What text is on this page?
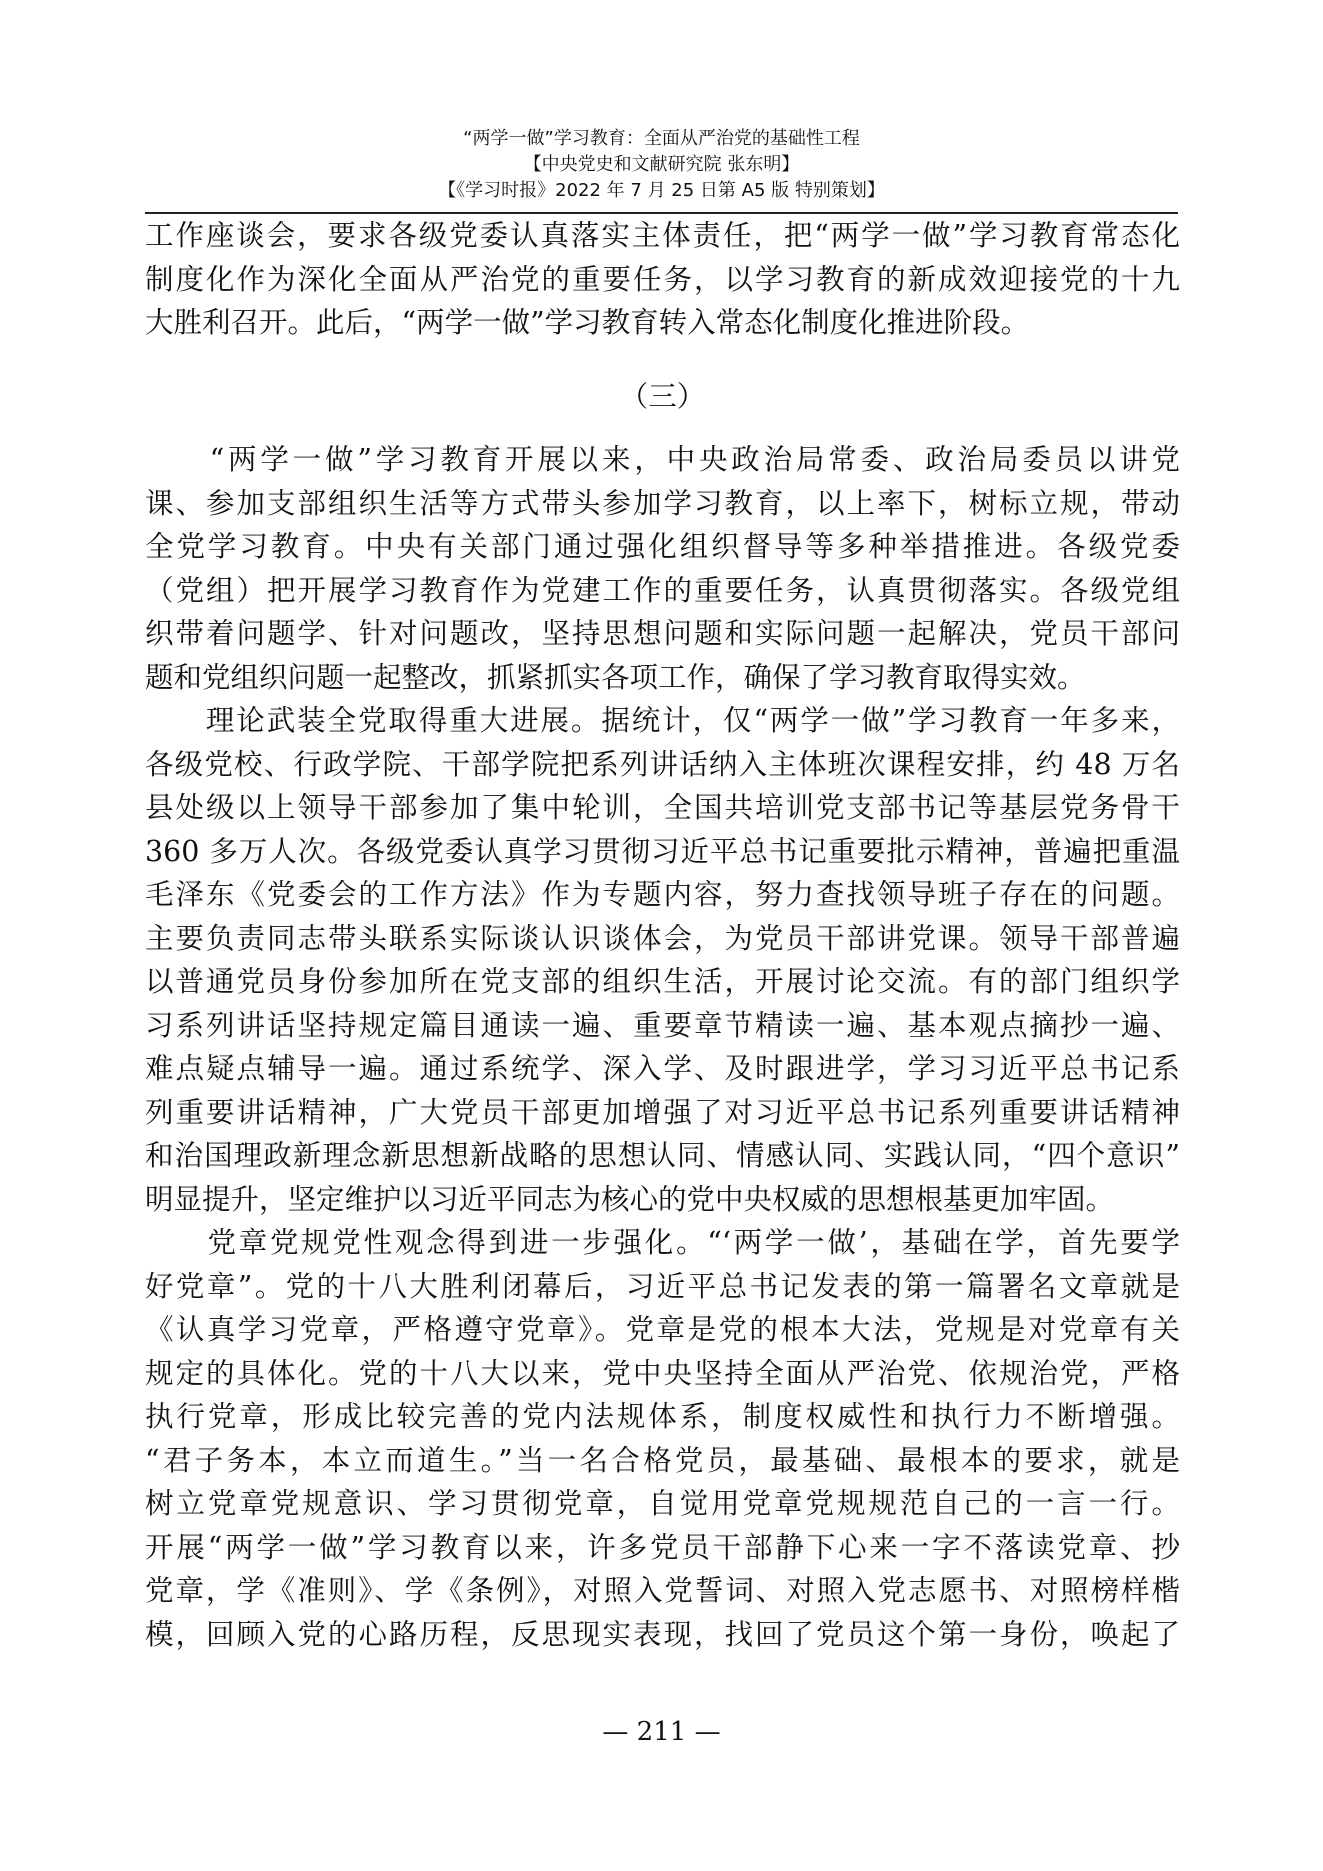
“两学一做”学习教育：全面从严治党的基础性工程
【中央党史和文献研究院 张东明】
【《学习时报》2022 年 7 月 25 日第 A5 版 特别策划】
工作座谈会，要求各级党委认真落实主体责任，把“两学一做”学习教育常态化
制度化作为深化全面从严治党的重要任务，以学习教育的新成效迎接党的十九
大胜利召开。此后，“两学一做”学习教育转入常态化制度化推进阶段。
（三）
　　“两学一做”学习教育开展以来，中央政治局常委、政治局委员以讲党
课、参加支部组织生活等方式带头参加学习教育，以上率下，树标立规，带动
全党学习教育。中央有关部门通过强化组织督导等多种举措推进。各级党委
（党组）把开展学习教育作为党建工作的重要任务，认真贯彻落实。各级党组
织带着问题学、针对问题改，坚持思想问题和实际问题一起解决，党员干部问
题和党组织问题一起整改，抓紧抓实各项工作，确保了学习教育取得实效。
　　理论武装全党取得重大进展。据统计，仅“两学一做”学习教育一年多来，
各级党校、行政学院、干部学院把系列讲话纳入主体班次课程安排，约 48 万名
县处级以上领导干部参加了集中轮训，全国共培训党支部书记等基层党务骨干
360 多万人次。各级党委认真学习贯彻习近平总书记重要批示精神，普遍把重温
毛泽东《党委会的工作方法》作为专题内容，努力查找领导班子存在的问题。
主要负责同志带头联系实际谈认识谈体会，为党员干部讲党课。领导干部普遍
以普通党员身份参加所在党支部的组织生活，开展讨论交流。有的部门组织学
习系列讲话坚持规定篇目通读一遍、重要章节精读一遍、基本观点摘抄一遍、
难点疑点辅导一遍。通过系统学、深入学、及时跟进学，学习习近平总书记系
列重要讲话精神，广大党员干部更加增强了对习近平总书记系列重要讲话精神
和治国理政新理念新思想新战略的思想认同、情感认同、实践认同，“四个意识”
明显提升，坚定维护以习近平同志为核心的党中央权威的思想根基更加牢固。
　　党章党规党性观念得到进一步强化。“‘两学一做’，基础在学，首先要学
好党章”。党的十八大胜利闭幕后，习近平总书记发表的第一篇署名文章就是
《认真学习党章，严格遵守党章》。党章是党的根本大法，党规是对党章有关
规定的具体化。党的十八大以来，党中央坚持全面从严治党、依规治党，严格
执行党章，形成比较完善的党内法规体系，制度权威性和执行力不断增强。
“君子务本，本立而道生。”当一名合格党员，最基础、最根本的要求，就是
树立党章党规意识、学习贯彻党章，自觉用党章党规规范自己的一言一行。
开展“两学一做”学习教育以来，许多党员干部静下心来一字不落读党章、抄
党章，学《准则》、学《条例》，对照入党誓词、对照入党志愿书、对照榜样楷
模，回顾入党的心路历程，反思现实表现，找回了党员这个第一身份，唤起了
— 211 —
